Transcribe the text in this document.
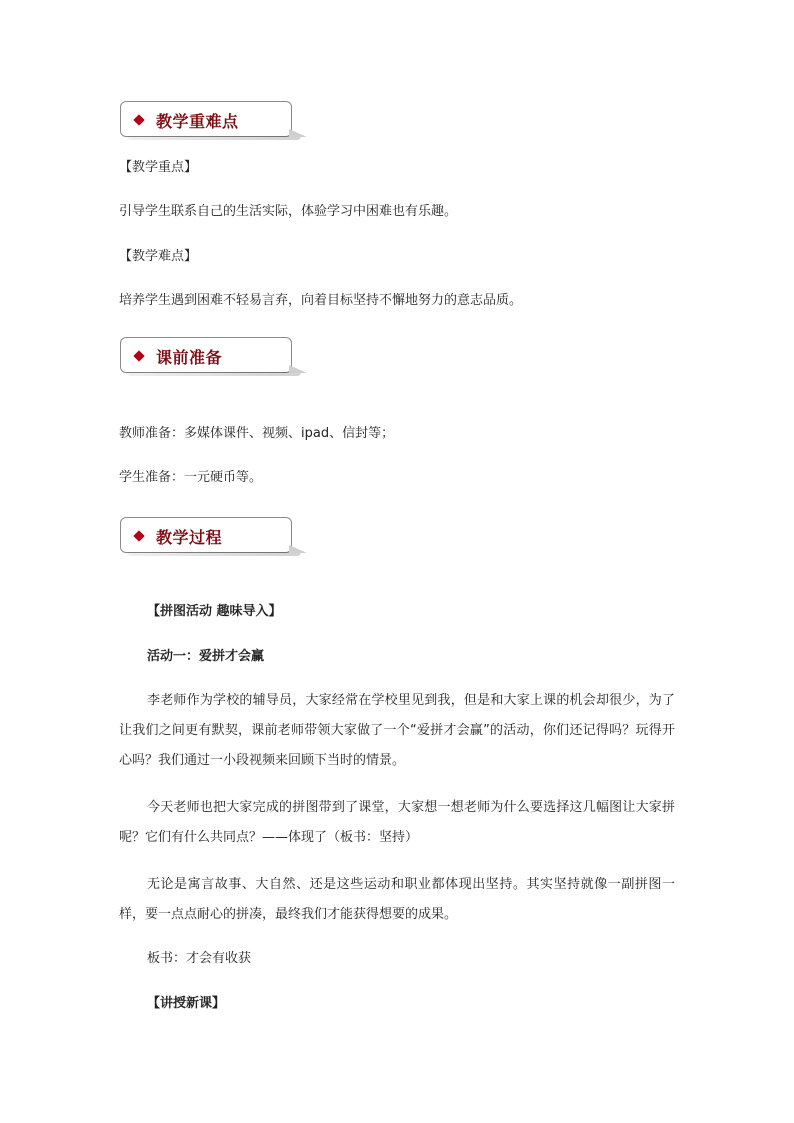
教学重难点
【教学重点】
引导学生联系自己的生活实际，体验学习中困难也有乐趣。
【教学难点】
培养学生遇到困难不轻易言弃，向着目标坚持不懈地努力的意志品质。
课前准备
教师准备：多媒体课件、视频、ipad、信封等；
学生准备：一元硬币等。
教学过程
【拼图活动 趣味导入】
活动一：爱拼才会赢
李老师作为学校的辅导员，大家经常在学校里见到我，但是和大家上课的机会却很少，为了让我们之间更有默契，课前老师带领大家做了一个“爱拼才会赢”的活动，你们还记得吗？玩得开心吗？我们通过一小段视频来回顾下当时的情景。
今天老师也把大家完成的拼图带到了课堂，大家想一想老师为什么要选择这几幅图让大家拼呢？它们有什么共同点？——体现了（板书：坚持）
无论是寓言故事、大自然、还是这些运动和职业都体现出坚持。其实坚持就像一副拼图一样，要一点点耐心的拼凑，最终我们才能获得想要的成果。
板书：才会有收获
【讲授新课】
